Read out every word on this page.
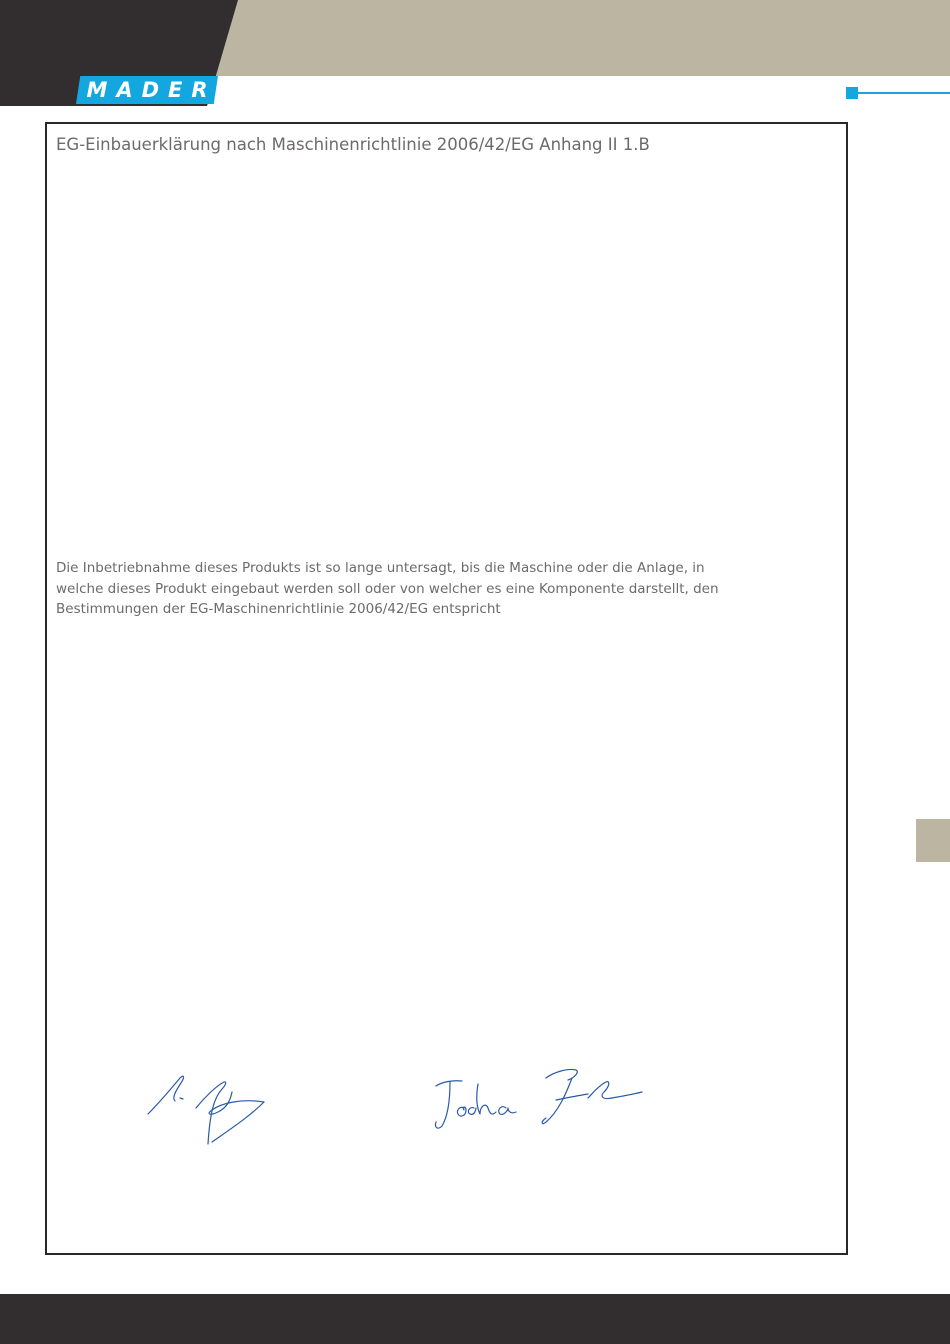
MADER
EG-Einbauerklärung nach Maschinenrichtlinie 2006/42/EG Anhang II 1.B

Die Inbetriebnahme dieses Produkts ist so lange untersagt, bis die Maschine oder die Anlage, in
welche dieses Produkt eingebaut werden soll oder von welcher es eine Komponente darstellt, den
Bestimmungen der EG-Maschinenrichtlinie 2006/42/EG entspricht
